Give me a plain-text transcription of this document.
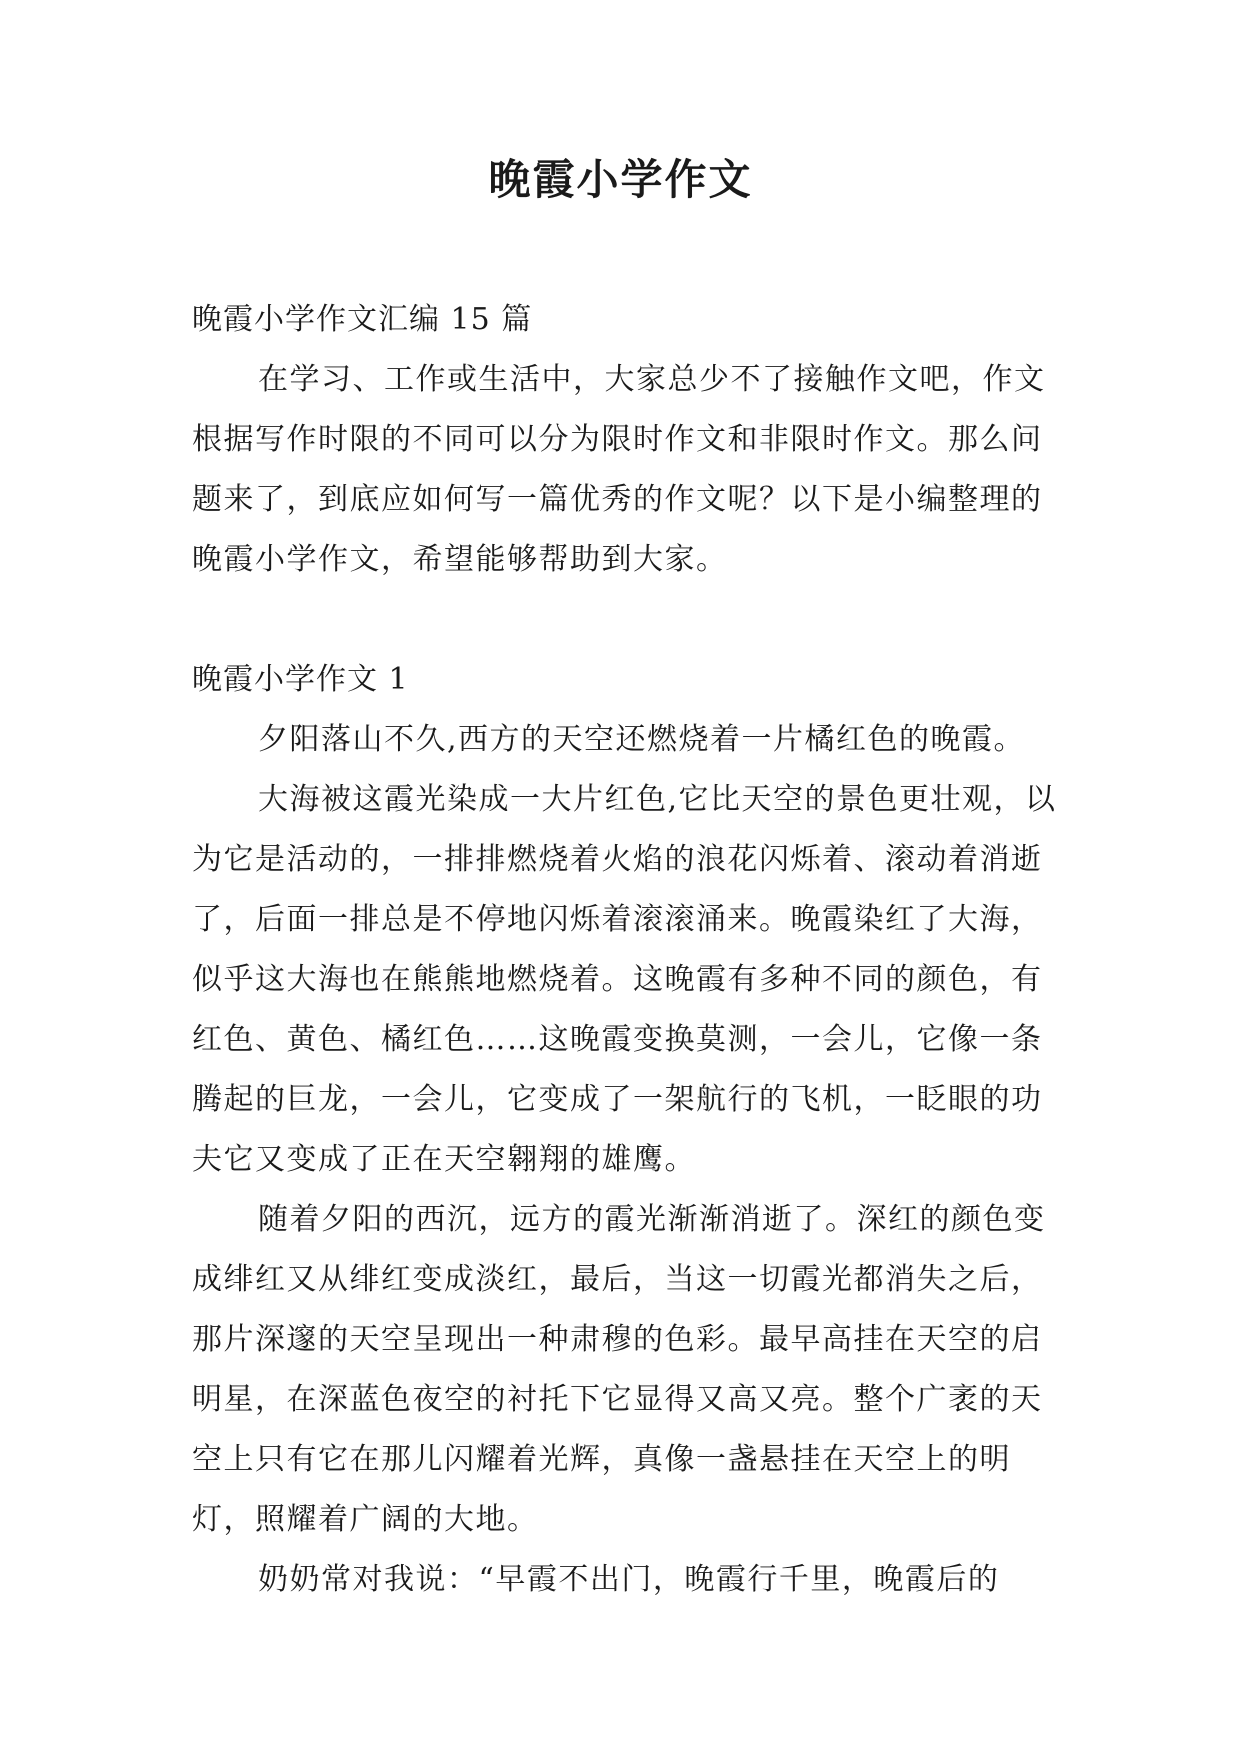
晚霞小学作文

晚霞小学作文汇编 15 篇

在学习、工作或生活中，大家总少不了接触作文吧，作文根据写作时限的不同可以分为限时作文和非限时作文。那么问题来了，到底应如何写一篇优秀的作文呢？以下是小编整理的晚霞小学作文，希望能够帮助到大家。

晚霞小学作文 1

夕阳落山不久,西方的天空还燃烧着一片橘红色的晚霞。

大海被这霞光染成一大片红色,它比天空的景色更壮观，以为它是活动的，一排排燃烧着火焰的浪花闪烁着、滚动着消逝了，后面一排总是不停地闪烁着滚滚涌来。晚霞染红了大海，似乎这大海也在熊熊地燃烧着。这晚霞有多种不同的颜色，有红色、黄色、橘红色……这晚霞变换莫测，一会儿，它像一条腾起的巨龙，一会儿，它变成了一架航行的飞机，一眨眼的功夫它又变成了正在天空翱翔的雄鹰。

随着夕阳的西沉，远方的霞光渐渐消逝了。深红的颜色变成绯红又从绯红变成淡红，最后，当这一切霞光都消失之后，那片深邃的天空呈现出一种肃穆的色彩。最早高挂在天空的启明星，在深蓝色夜空的衬托下它显得又高又亮。整个广袤的天空上只有它在那儿闪耀着光辉，真像一盏悬挂在天空上的明灯，照耀着广阔的大地。

奶奶常对我说：“早霞不出门，晚霞行千里，晚霞后的
